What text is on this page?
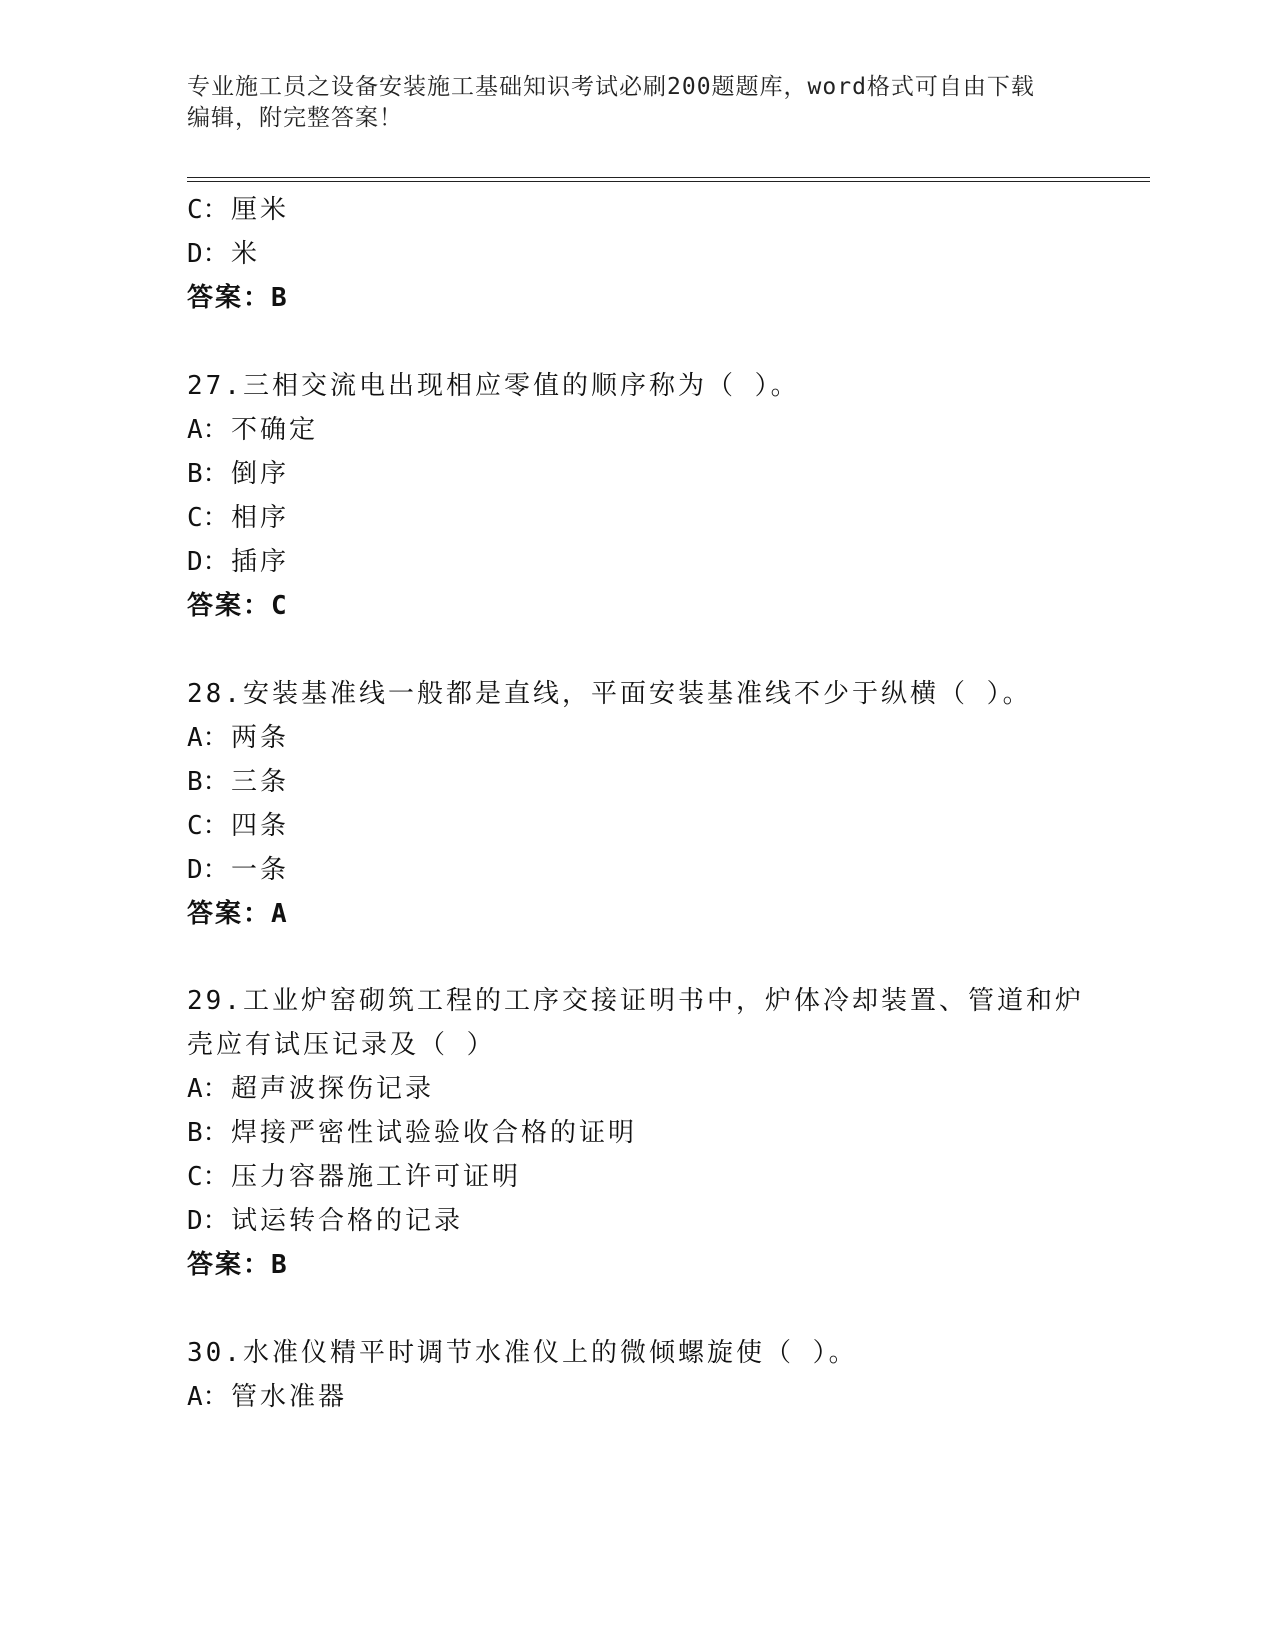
专业施工员之设备安装施工基础知识考试必刷200题题库，word格式可自由下载
编辑，附完整答案！
C：厘米
D：米
答案：B
27.三相交流电出现相应零值的顺序称为（ ）。
A：不确定
B：倒序
C：相序
D：插序
答案：C
28.安装基准线一般都是直线，平面安装基准线不少于纵横（ ）。
A：两条
B：三条
C：四条
D：一条
答案：A
29.工业炉窑砌筑工程的工序交接证明书中，炉体冷却装置、管道和炉
壳应有试压记录及（ ）
A：超声波探伤记录
B：焊接严密性试验验收合格的证明
C：压力容器施工许可证明
D：试运转合格的记录
答案：B
30.水准仪精平时调节水准仪上的微倾螺旋使（ ）。
A：管水准器
